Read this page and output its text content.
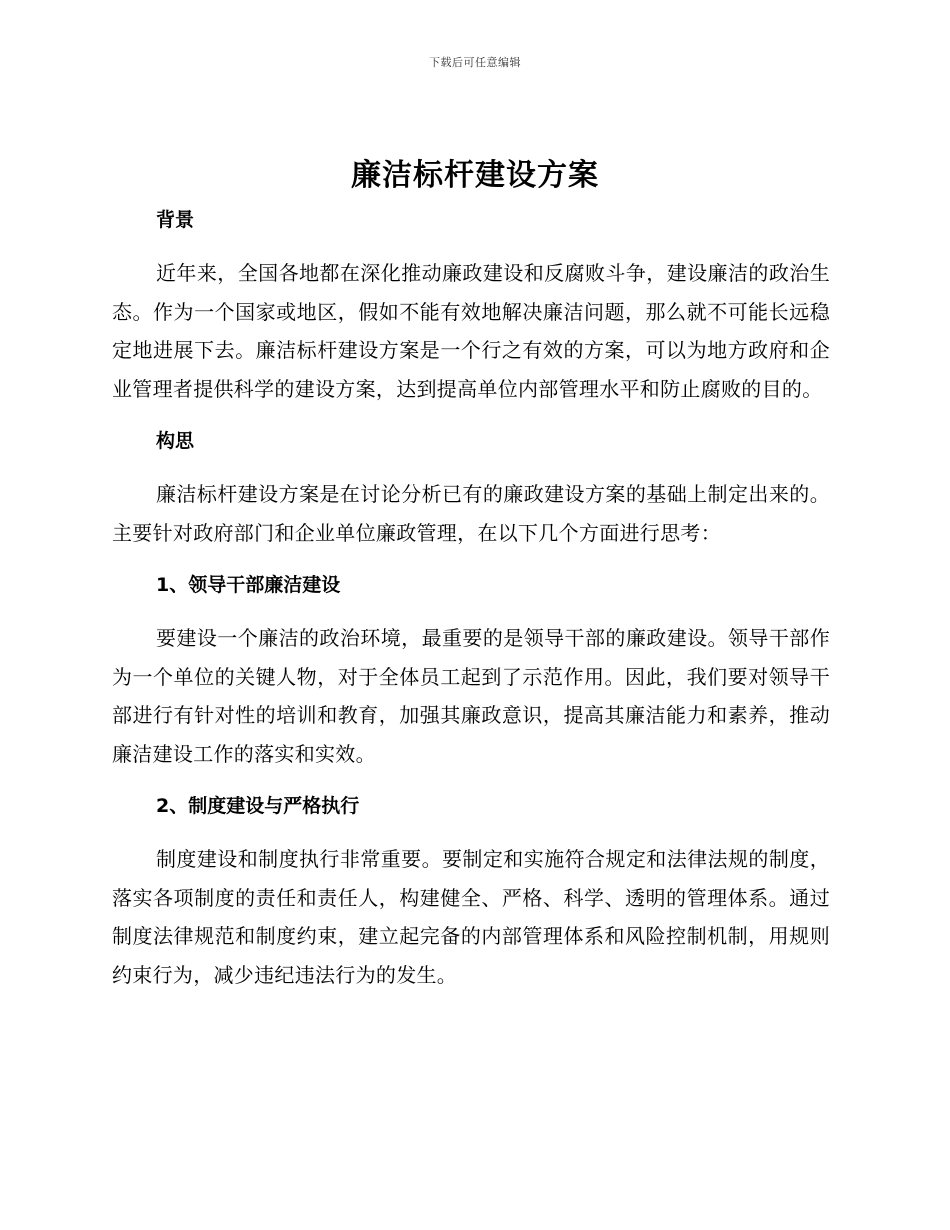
下载后可任意编辑
廉洁标杆建设方案
背景

近年来，全国各地都在深化推动廉政建设和反腐败斗争，建设廉洁的政治生态。作为一个国家或地区，假如不能有效地解决廉洁问题，那么就不可能长远稳定地进展下去。廉洁标杆建设方案是一个行之有效的方案，可以为地方政府和企业管理者提供科学的建设方案，达到提高单位内部管理水平和防止腐败的目的。

构思

廉洁标杆建设方案是在讨论分析已有的廉政建设方案的基础上制定出来的。主要针对政府部门和企业单位廉政管理，在以下几个方面进行思考：

1、领导干部廉洁建设

要建设一个廉洁的政治环境，最重要的是领导干部的廉政建设。领导干部作为一个单位的关键人物，对于全体员工起到了示范作用。因此，我们要对领导干部进行有针对性的培训和教育，加强其廉政意识，提高其廉洁能力和素养，推动廉洁建设工作的落实和实效。

2、制度建设与严格执行

制度建设和制度执行非常重要。要制定和实施符合规定和法律法规的制度，落实各项制度的责任和责任人，构建健全、严格、科学、透明的管理体系。通过制度法律规范和制度约束，建立起完备的内部管理体系和风险控制机制，用规则约束行为，减少违纪违法行为的发生。
